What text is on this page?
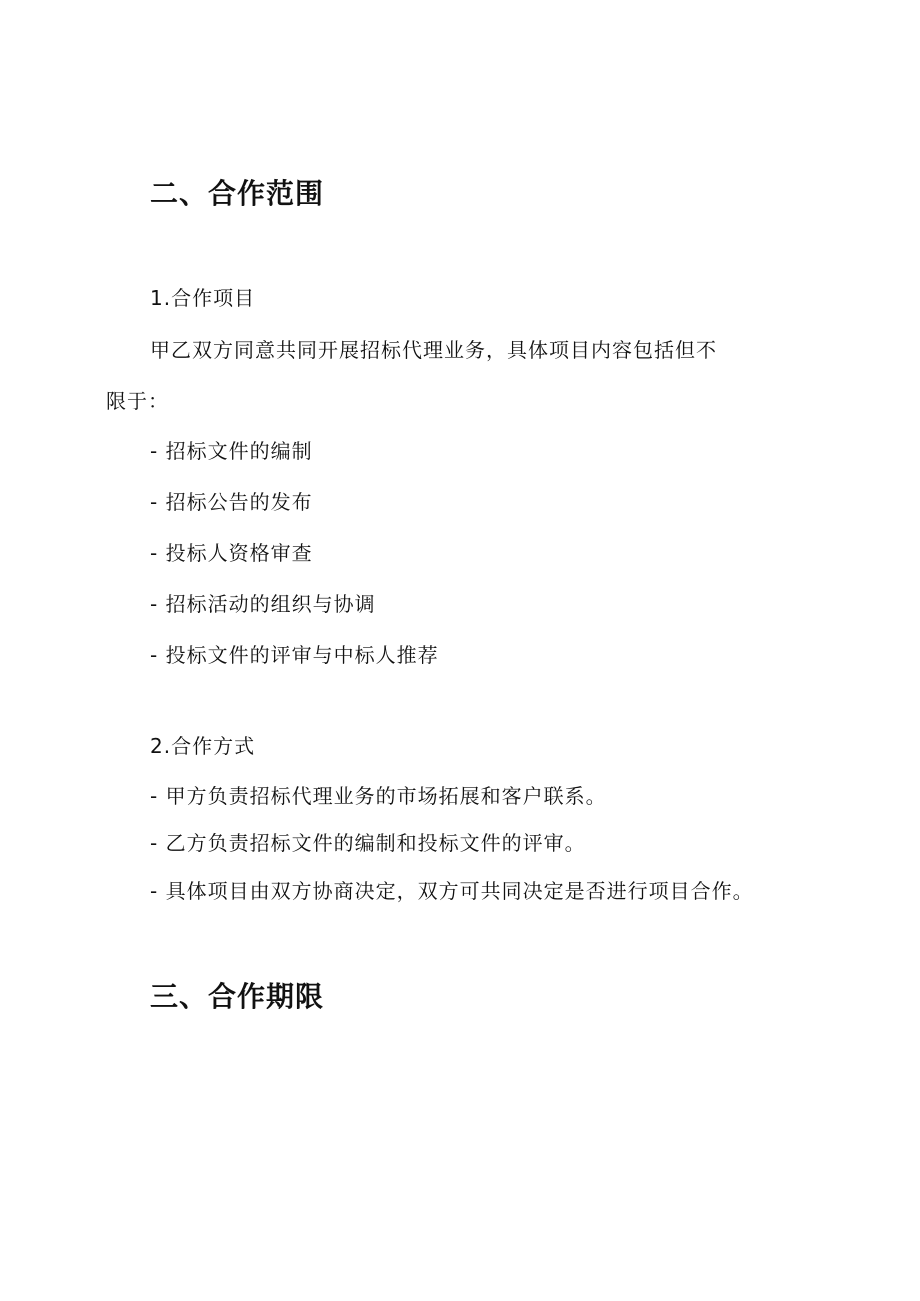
二、合作范围
1.合作项目
甲乙双方同意共同开展招标代理业务，具体项目内容包括但不
限于：
- 招标文件的编制
- 招标公告的发布
- 投标人资格审查
- 招标活动的组织与协调
- 投标文件的评审与中标人推荐
2.合作方式
- 甲方负责招标代理业务的市场拓展和客户联系。
- 乙方负责招标文件的编制和投标文件的评审。
- 具体项目由双方协商决定，双方可共同决定是否进行项目合作。
三、合作期限
